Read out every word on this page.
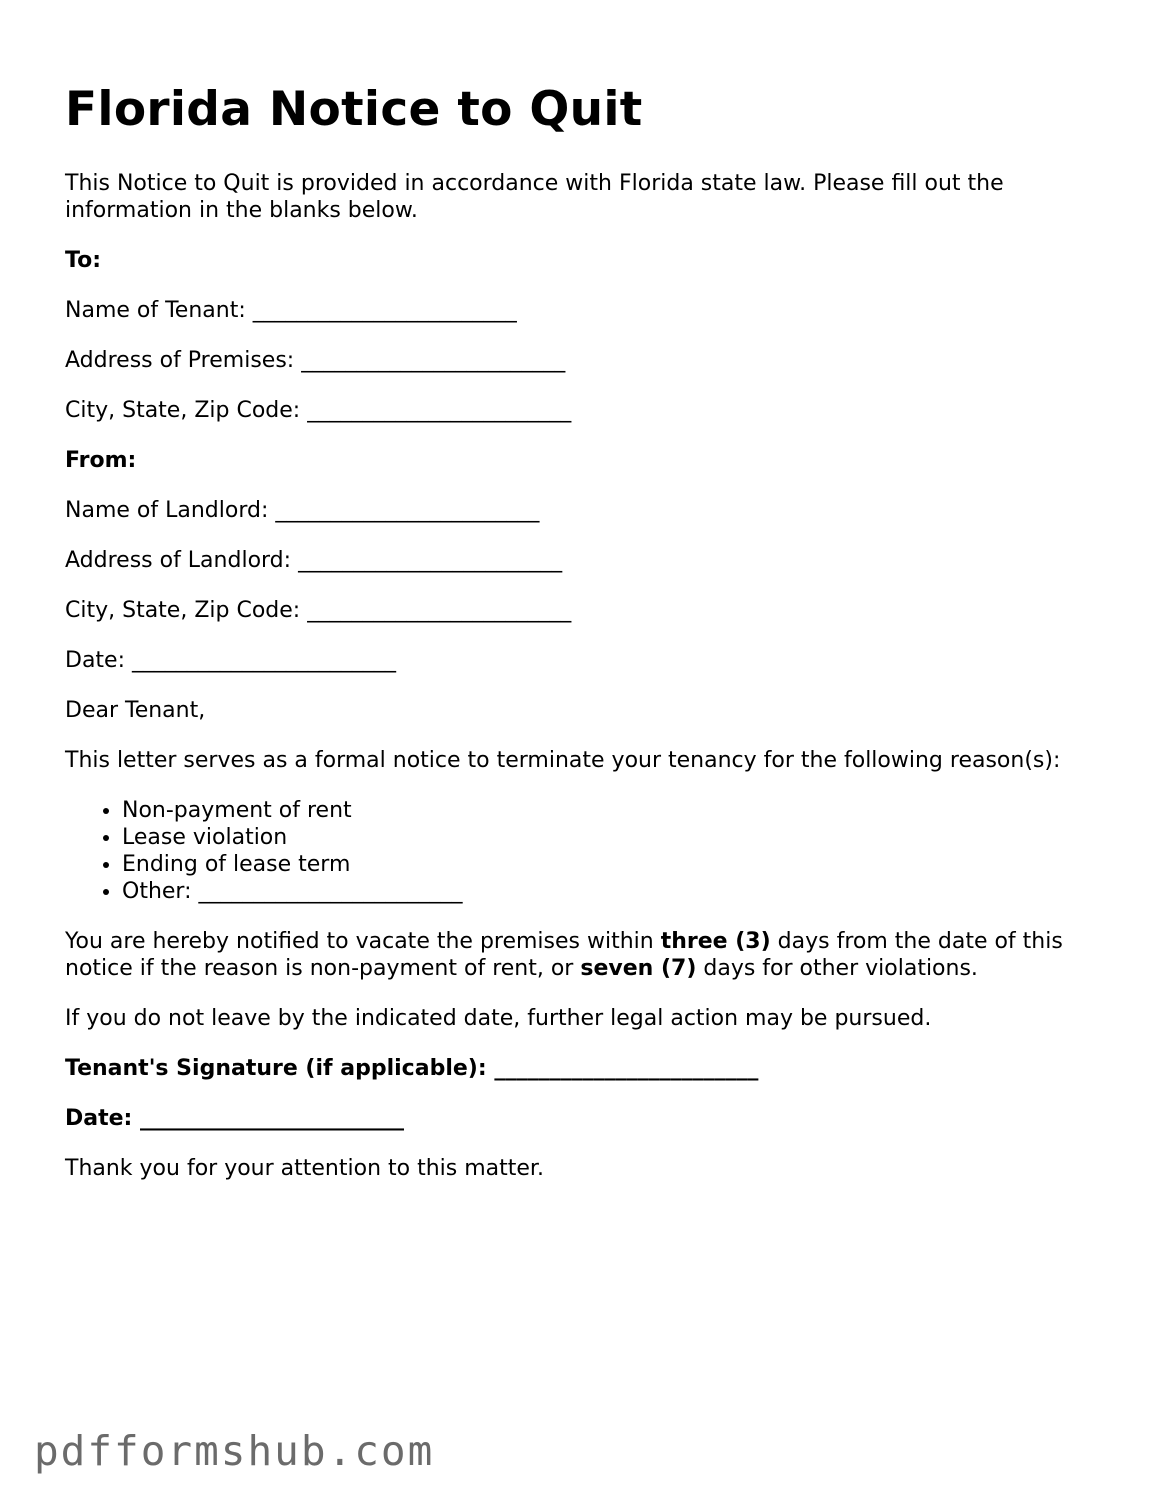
Florida Notice to Quit

This Notice to Quit is provided in accordance with Florida state law. Please fill out the information in the blanks below.

To:

Name of Tenant: ________________________

Address of Premises: ________________________

City, State, Zip Code: ________________________

From:

Name of Landlord: ________________________

Address of Landlord: ________________________

City, State, Zip Code: ________________________

Date: ________________________

Dear Tenant,

This letter serves as a formal notice to terminate your tenancy for the following reason(s):

• Non-payment of rent
• Lease violation
• Ending of lease term
• Other: ________________________

You are hereby notified to vacate the premises within three (3) days from the date of this notice if the reason is non-payment of rent, or seven (7) days for other violations.

If you do not leave by the indicated date, further legal action may be pursued.

Tenant's Signature (if applicable): ________________________

Date: ________________________

Thank you for your attention to this matter.

pdfformshub.com
